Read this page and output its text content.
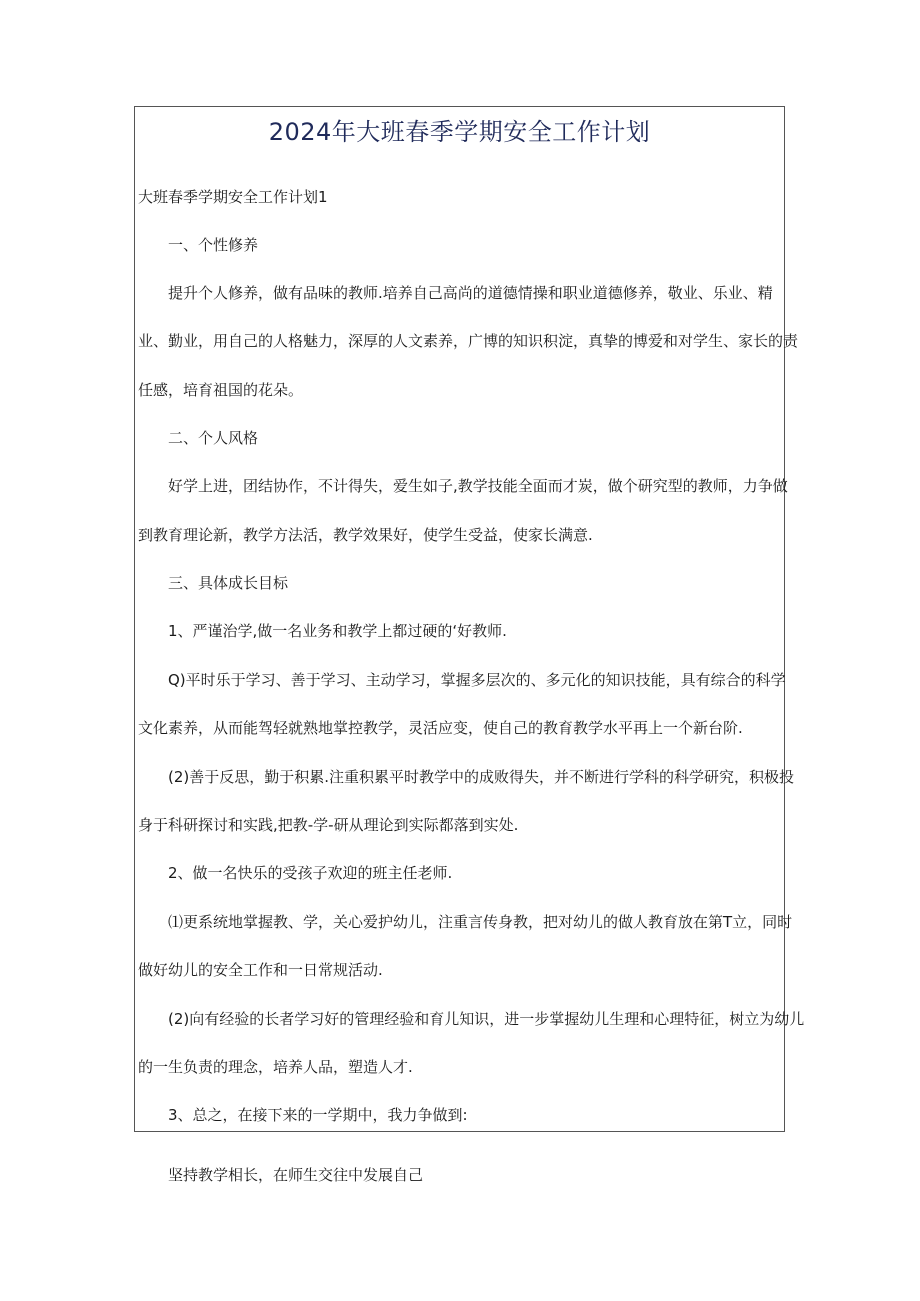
2024年大班春季学期安全工作计划

大班春季学期安全工作计划1

一、个性修养

提升个人修养，做有品味的教师.培养自己高尚的道德情操和职业道德修养，敬业、乐业、精

业、勤业，用自己的人格魅力，深厚的人文素养，广博的知识积淀，真挚的博爱和对学生、家长的责

任感，培育祖国的花朵。

二、个人风格

好学上进，团结协作，不计得失，爱生如子,教学技能全面而才炭，做个研究型的教师，力争做

到教育理论新，教学方法活，教学效果好，使学生受益，使家长满意.

三、具体成长目标

1、严谨治学,做一名业务和教学上都过硬的‘好教师.

Q)平时乐于学习、善于学习、主动学习，掌握多层次的、多元化的知识技能，具有综合的科学

文化素养，从而能驾轻就熟地掌控教学，灵活应变，使自己的教育教学水平再上一个新台阶.

(2)善于反思，勤于积累.注重积累平时教学中的成败得失，并不断进行学科的科学研究，积极投

身于科研探讨和实践,把教-学-研从理论到实际都落到实处.

2、做一名快乐的受孩子欢迎的班主任老师.

⑴更系统地掌握教、学，关心爱护幼儿，注重言传身教，把对幼儿的做人教育放在第T立，同时

做好幼儿的安全工作和一日常规活动.

(2)向有经验的长者学习好的管理经验和育儿知识，进一步掌握幼儿生理和心理特征，树立为幼儿

的一生负责的理念，培养人品，塑造人才.

3、总之，在接下来的一学期中，我力争做到:

坚持教学相长，在师生交往中发展自己
